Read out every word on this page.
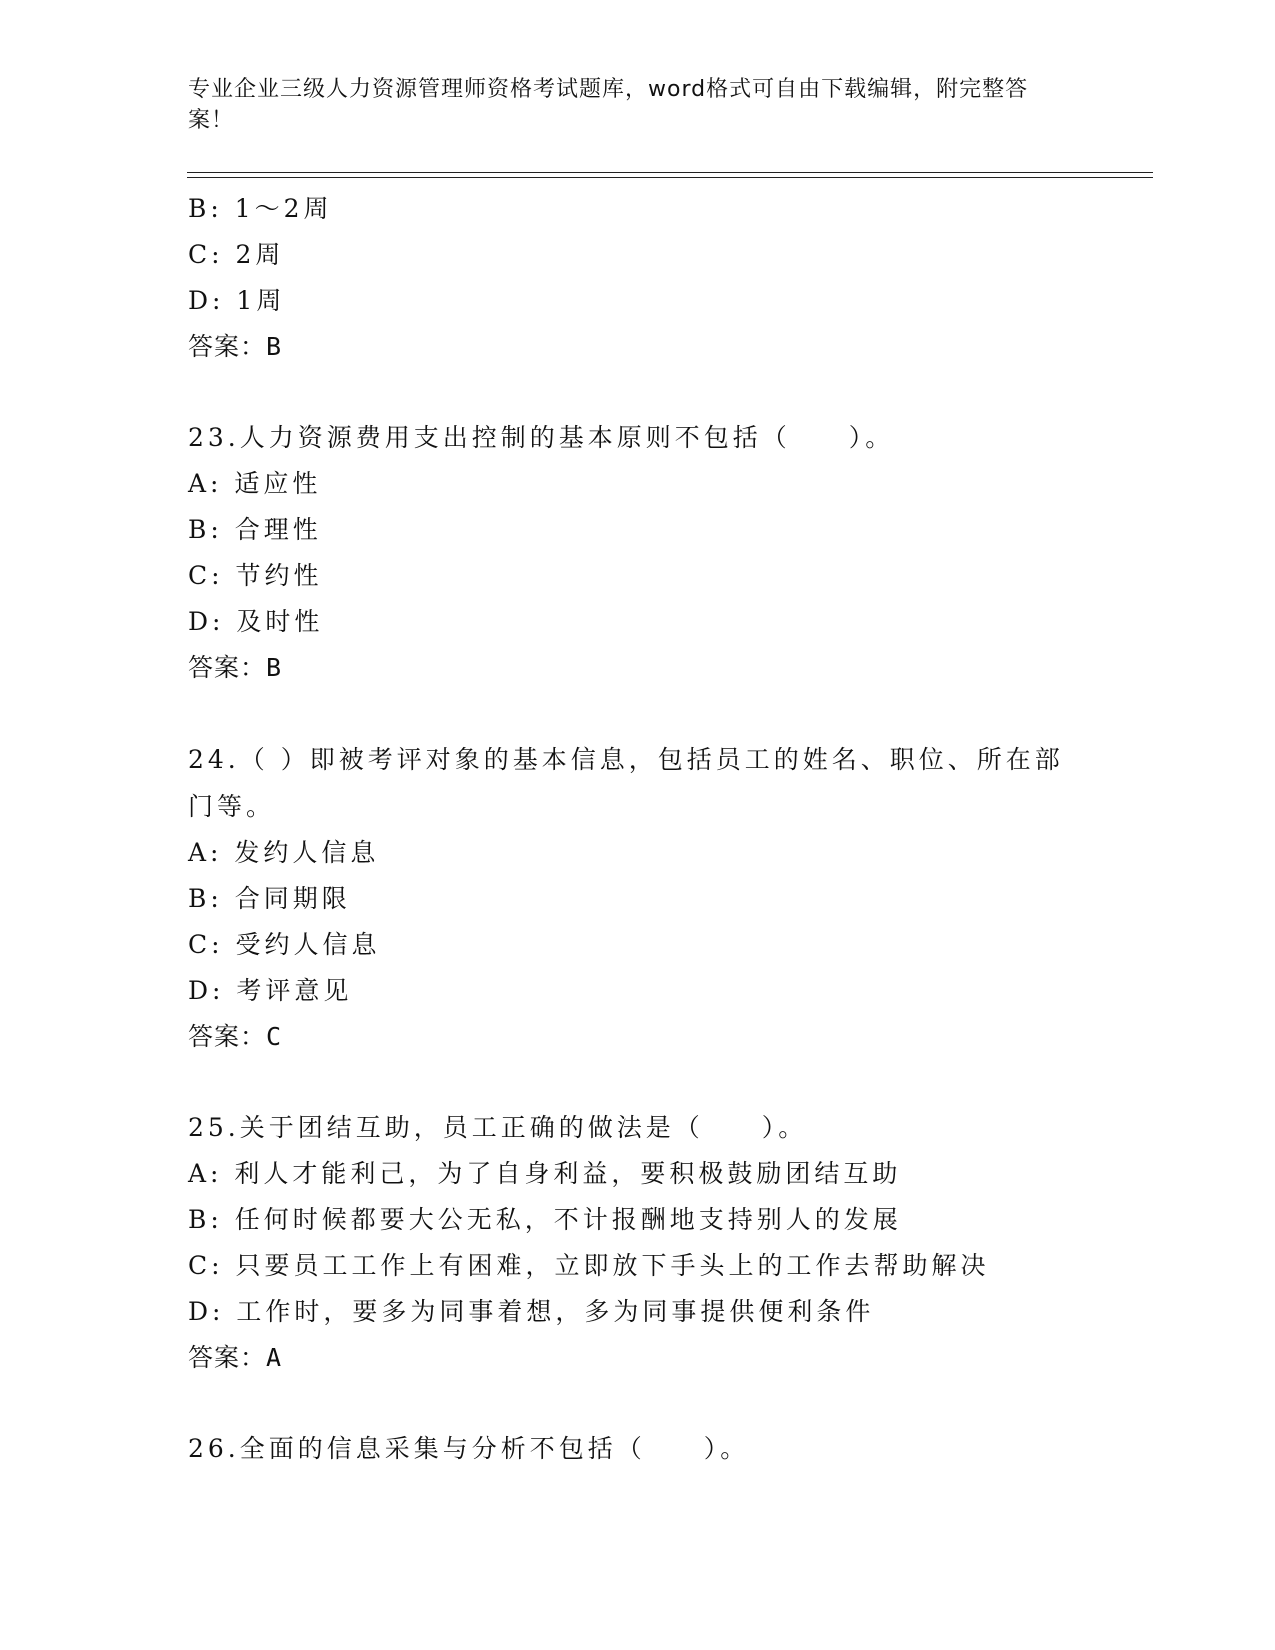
专业企业三级人力资源管理师资格考试题库，word格式可自由下载编辑，附完整答案！
B: 1～2周
C: 2周
D: 1周
答案：B
23.人力资源费用支出控制的基本原则不包括（　　）。
A: 适应性
B: 合理性
C: 节约性
D: 及时性
答案：B
24.（ ）即被考评对象的基本信息，包括员工的姓名、职位、所在部门等。
A: 发约人信息
B: 合同期限
C: 受约人信息
D: 考评意见
答案：C
25.关于团结互助，员工正确的做法是（　　）。
A: 利人才能利己，为了自身利益，要积极鼓励团结互助
B: 任何时候都要大公无私，不计报酬地支持别人的发展
C: 只要员工工作上有困难，立即放下手头上的工作去帮助解决
D: 工作时，要多为同事着想，多为同事提供便利条件
答案：A
26.全面的信息采集与分析不包括（　　）。
